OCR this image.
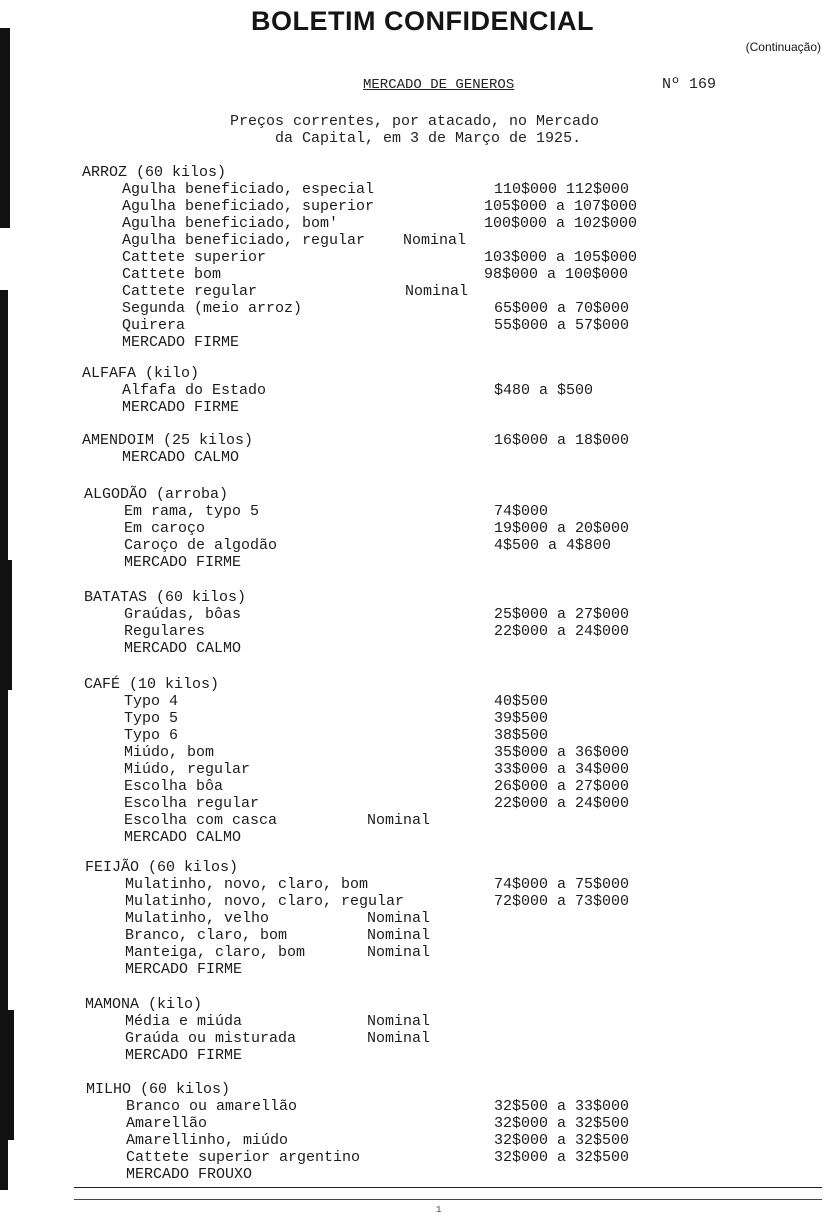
BOLETIM CONFIDENCIAL
(Continuação)
MERCADO DE GENEROS	Nº 169
Preços correntes, por atacado, no Mercado
da Capital, em 3 de Março de 1925.
ARROZ (60 kilos)
Agulha beneficiado, especial	110$000 112$000
Agulha beneficiado, superior	105$000 a 107$000
Agulha beneficiado, bom'	100$000 a 102$000
Agulha beneficiado, regular	Nominal
Cattete superior	103$000 a 105$000
Cattete bom	98$000 a 100$000
Cattete regular	Nominal
Segunda (meio arroz)	65$000 a 70$000
Quirera	55$000 a 57$000
MERCADO FIRME
ALFAFA (kilo)
Alfafa do Estado	$480 a $500
MERCADO FIRME
AMENDOIM (25 kilos)	16$000 a 18$000
MERCADO CALMO
ALGODÃO (arroba)
Em rama, typo 5	74$000
Em caroço	19$000 a 20$000
Caroço de algodão	4$500 a 4$800
MERCADO FIRME
BATATAS (60 kilos)
Graúdas, bôas	25$000 a 27$000
Regulares	22$000 a 24$000
MERCADO CALMO
CAFÉ (10 kilos)
Typo 4	40$500
Typo 5	39$500
Typo 6	38$500
Miúdo, bom	35$000 a 36$000
Miúdo, regular	33$000 a 34$000
Escolha bôa	26$000 a 27$000
Escolha regular	22$000 a 24$000
Escolha com casca	Nominal
MERCADO CALMO
FEIJÃO (60 kilos)
Mulatinho, novo, claro, bom	74$000 a 75$000
Mulatinho, novo, claro, regular	72$000 a 73$000
Mulatinho, velho	Nominal
Branco, claro, bom	Nominal
Manteiga, claro, bom	Nominal
MERCADO FIRME
MAMONA (kilo)
Média e miúda	Nominal
Graúda ou misturada	Nominal
MERCADO FIRME
MILHO (60 kilos)
Branco ou amarellão	32$500 a 33$000
Amarellão	32$000 a 32$500
Amarellinho, miúdo	32$000 a 32$500
Cattete superior argentino	32$000 a 32$500
MERCADO FROUXO
1
